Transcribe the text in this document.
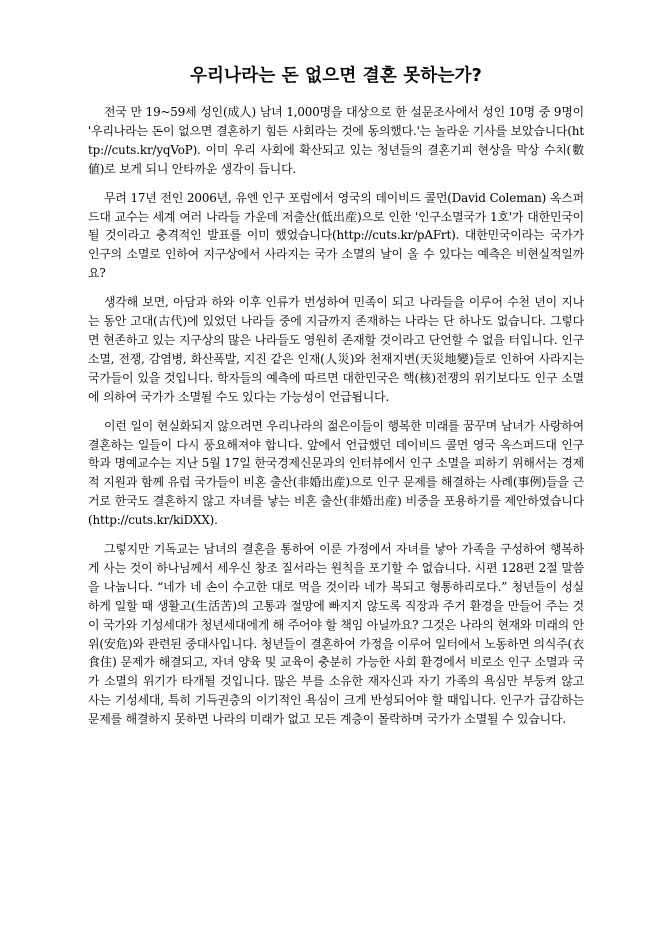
우리나라는 돈 없으면 결혼 못하는가?

전국 만 19~59세 성인(成人) 남녀 1,000명을 대상으로 한 설문조사에서 성인 10명 중 9명이 '우리나라는 돈이 없으면 결혼하기 힘든 사회라는 것에 동의했다.'는 놀라운 기사를 보았습니다(http://cuts.kr/yqVoP). 이미 우리 사회에 확산되고 있는 청년들의 결혼기피 현상을 막상 수치(數値)로 보게 되니 안타까운 생각이 듭니다.

무려 17년 전인 2006년, 유엔 인구 포럼에서 영국의 데이비드 콜먼(David Coleman) 옥스퍼드대 교수는 세계 여러 나라들 가운데 저출산(低出産)으로 인한 '인구소멸국가 1호'가 대한민국이 될 것이라고 충격적인 발표를 이미 했었습니다(http://cuts.kr/pAFrt). 대한민국이라는 국가가 인구의 소멸로 인하여 지구상에서 사라지는 국가 소멸의 날이 올 수 있다는 예측은 비현실적일까요?

생각해 보면, 아담과 하와 이후 인류가 번성하여 민족이 되고 나라들을 이루어 수천 년이 지나는 동안 고대(古代)에 있었던 나라들 중에 지금까지 존재하는 나라는 단 하나도 없습니다. 그렇다면 현존하고 있는 지구상의 많은 나라들도 영원히 존재할 것이라고 단언할 수 없을 터입니다. 인구 소멸, 전쟁, 감염병, 화산폭발, 지진 같은 인재(人災)와 천재지변(天災地變)들로 인하여 사라지는 국가들이 있을 것입니다. 학자들의 예측에 따르면 대한민국은 핵(核)전쟁의 위기보다도 인구 소멸에 의하여 국가가 소멸될 수도 있다는 가능성이 언급됩니다.

이런 일이 현실화되지 않으려면 우리나라의 젊은이들이 행복한 미래를 꿈꾸며 남녀가 사랑하여 결혼하는 일들이 다시 풍요해져야 합니다. 앞에서 언급했던 데이비드 콜먼 영국 옥스퍼드대 인구학과 명예교수는 지난 5월 17일 한국경제신문과의 인터뷰에서 인구 소멸을 피하기 위해서는 경제적 지원과 함께 유럽 국가들이 비혼 출산(非婚出産)으로 인구 문제를 해결하는 사례(事例)들을 근거로 한국도 결혼하지 않고 자녀를 낳는 비혼 출산(非婚出産) 비중을 포용하기를 제안하였습니다(http://cuts.kr/kiDXX).

그렇지만 기독교는 남녀의 결혼을 통하여 이룬 가정에서 자녀를 낳아 가족을 구성하여 행복하게 사는 것이 하나님께서 세우신 창조 질서라는 원칙을 포기할 수 없습니다. 시편 128편 2절 말씀을 나눕니다. “네가 네 손이 수고한 대로 먹을 것이라 네가 복되고 형통하리로다.” 청년들이 성실하게 일할 때 생활고(生活苦)의 고통과 절망에 빠지지 않도록 직장과 주거 환경을 만들어 주는 것이 국가와 기성세대가 청년세대에게 해 주어야 할 책임 아닐까요? 그것은 나라의 현재와 미래의 안위(安危)와 관련된 중대사입니다. 청년들이 결혼하여 가정을 이루어 일터에서 노동하면 의식주(衣食住) 문제가 해결되고, 자녀 양육 및 교육이 충분히 가능한 사회 환경에서 비로소 인구 소멸과 국가 소멸의 위기가 타개될 것입니다. 많은 부를 소유한 재자신과 자기 가족의 욕심만 부둥켜 않고 사는 기성세대, 특히 기득권층의 이기적인 욕심이 크게 반성되어야 할 때입니다. 인구가 급감하는 문제를 해결하지 못하면 나라의 미래가 없고 모든 계층이 몰락하며 국가가 소멸될 수 있습니다.
